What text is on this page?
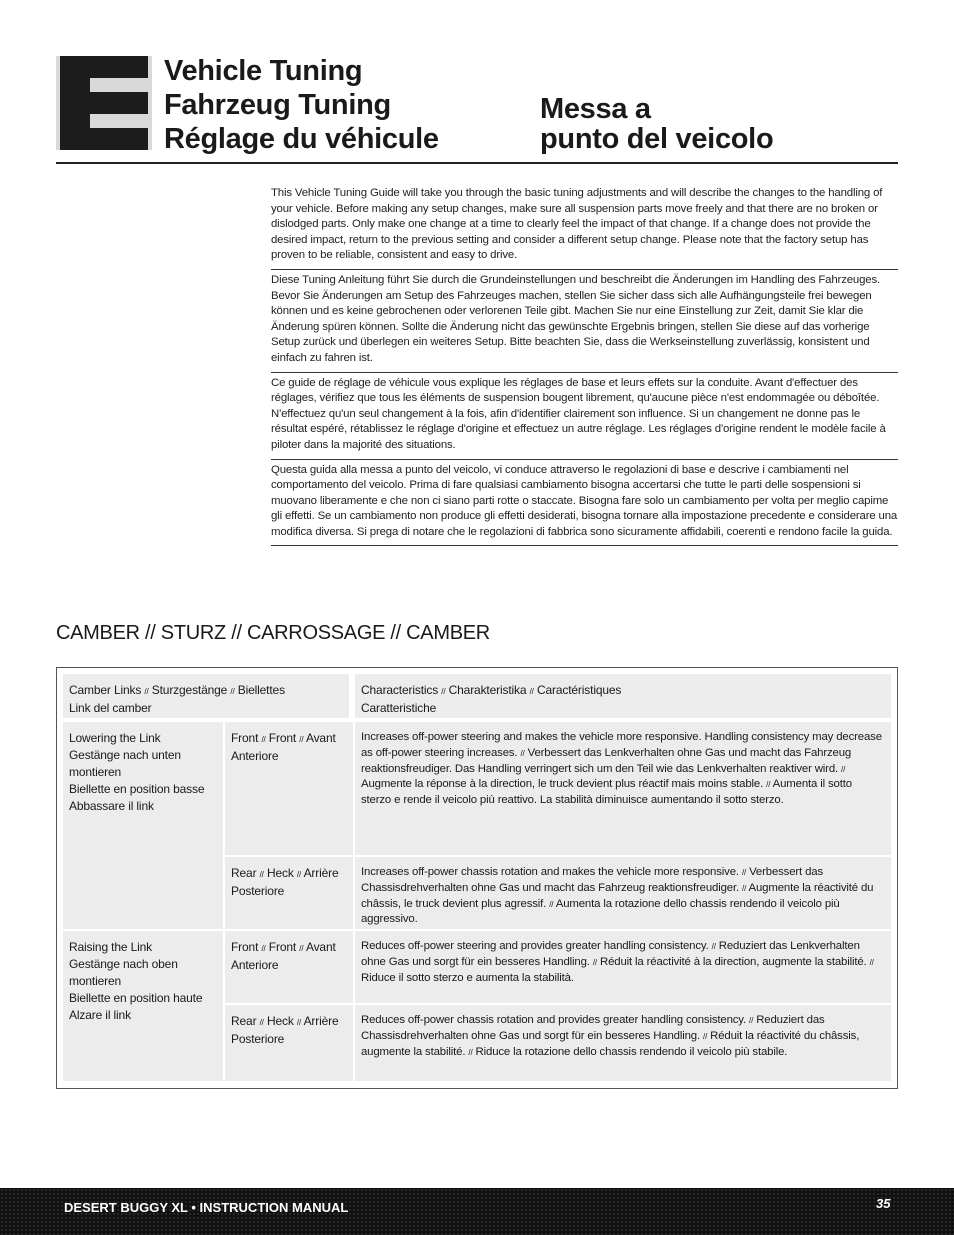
Vehicle Tuning
Fahrzeug Tuning
Réglage du véhicule
Messa a
punto del veicolo

This Vehicle Tuning Guide will take you through the basic tuning adjustments and will describe the changes to the handling of your vehicle. Before making any setup changes, make sure all suspension parts move freely and that there are no broken or dislodged parts. Only make one change at a time to clearly feel the impact of that change. If a change does not provide the desired impact, return to the previous setting and consider a different setup change. Please note that the factory setup has proven to be reliable, consistent and easy to drive.

Diese Tuning Anleitung führt Sie durch die Grundeinstellungen und beschreibt die Änderungen im Handling des Fahrzeuges. Bevor Sie Änderungen am Setup des Fahrzeuges machen, stellen Sie sicher dass sich alle Aufhängungsteile frei bewegen können und es keine gebrochenen oder verlorenen Teile gibt. Machen Sie nur eine Einstellung zur Zeit, damit Sie klar die Änderung spüren können. Sollte die Änderung nicht das gewünschte Ergebnis bringen, stellen Sie diese auf das vorherige Setup zurück und überlegen ein weiteres Setup. Bitte beachten Sie, dass die Werkseinstellung zuverlässig, konsistent und einfach zu fahren ist.

Ce guide de réglage de véhicule vous explique les réglages de base et leurs effets sur la conduite. Avant d'effectuer des réglages, vérifiez que tous les éléments de suspension bougent librement, qu'aucune pièce n'est endommagée ou déboîtée. N'effectuez qu'un seul changement à la fois, afin d'identifier clairement son influence. Si un changement ne donne pas le résultat espéré, rétablissez le réglage d'origine et effectuez un autre réglage. Les réglages d'origine rendent le modèle facile à piloter dans la majorité des situations.

Questa guida alla messa a punto del veicolo, vi conduce attraverso le regolazioni di base e descrive i cambiamenti nel comportamento del veicolo. Prima di fare qualsiasi cambiamento bisogna accertarsi che tutte le parti delle sospensioni si muovano liberamente e che non ci siano parti rotte o staccate. Bisogna fare solo un cambiamento per volta per meglio capime gli effetti. Se un cambiamento non produce gli effetti desiderati, bisogna tornare alla impostazione precedente e considerare una modifica diversa. Si prega di notare che le regolazioni di fabbrica sono sicuramente affidabili, coerenti e rendono facile la guida.

CAMBER // STURZ // CARROSSAGE // CAMBER
Camber Links // Sturzgestänge // Biellettes
Link del camber
Characteristics // Charakteristika // Caractéristiques
Caratteristiche
Lowering the Link
Gestänge nach unten montieren
Biellette en position basse
Abbassare il link
Front // Front // Avant
Anteriore
Increases off-power steering and makes the vehicle more responsive. Handling consistency may decrease as off-power steering increases. // Verbessert das Lenkverhalten ohne Gas und macht das Fahrzeug reaktionsfreudiger. Das Handling verringert sich um den Teil wie das Lenkverhalten reaktiver wird. // Augmente la réponse à la direction, le truck devient plus réactif mais moins stable. // Aumenta il sotto sterzo e rende il veicolo più reattivo. La stabilità diminuisce aumentando il sotto sterzo.
Rear // Heck // Arrière
Posteriore
Increases off-power chassis rotation and makes the vehicle more responsive. // Verbessert das Chassisdrehverhalten ohne Gas und macht das Fahrzeug reaktionsfreudiger. // Augmente la réactivité du châssis, le truck devient plus agressif. // Aumenta la rotazione dello chassis rendendo il veicolo più aggressivo.
Raising the Link
Gestänge nach oben montieren
Biellette en position haute
Alzare il link
Front // Front // Avant
Anteriore
Reduces off-power steering and provides greater handling consistency. // Reduziert das Lenkverhalten ohne Gas und sorgt für ein besseres Handling. // Réduit la réactivité à la direction, augmente la stabilité. // Riduce il sotto sterzo e aumenta la stabilità.
Rear // Heck // Arrière
Posteriore
Reduces off-power chassis rotation and provides greater handling consistency. // Reduziert das Chassisdrehverhalten ohne Gas und sorgt für ein besseres Handling. // Réduit la réactivité du châssis, augmente la stabilité. // Riduce la rotazione dello chassis rendendo il veicolo più stabile.
DESERT BUGGY XL • INSTRUCTION MANUAL	35
